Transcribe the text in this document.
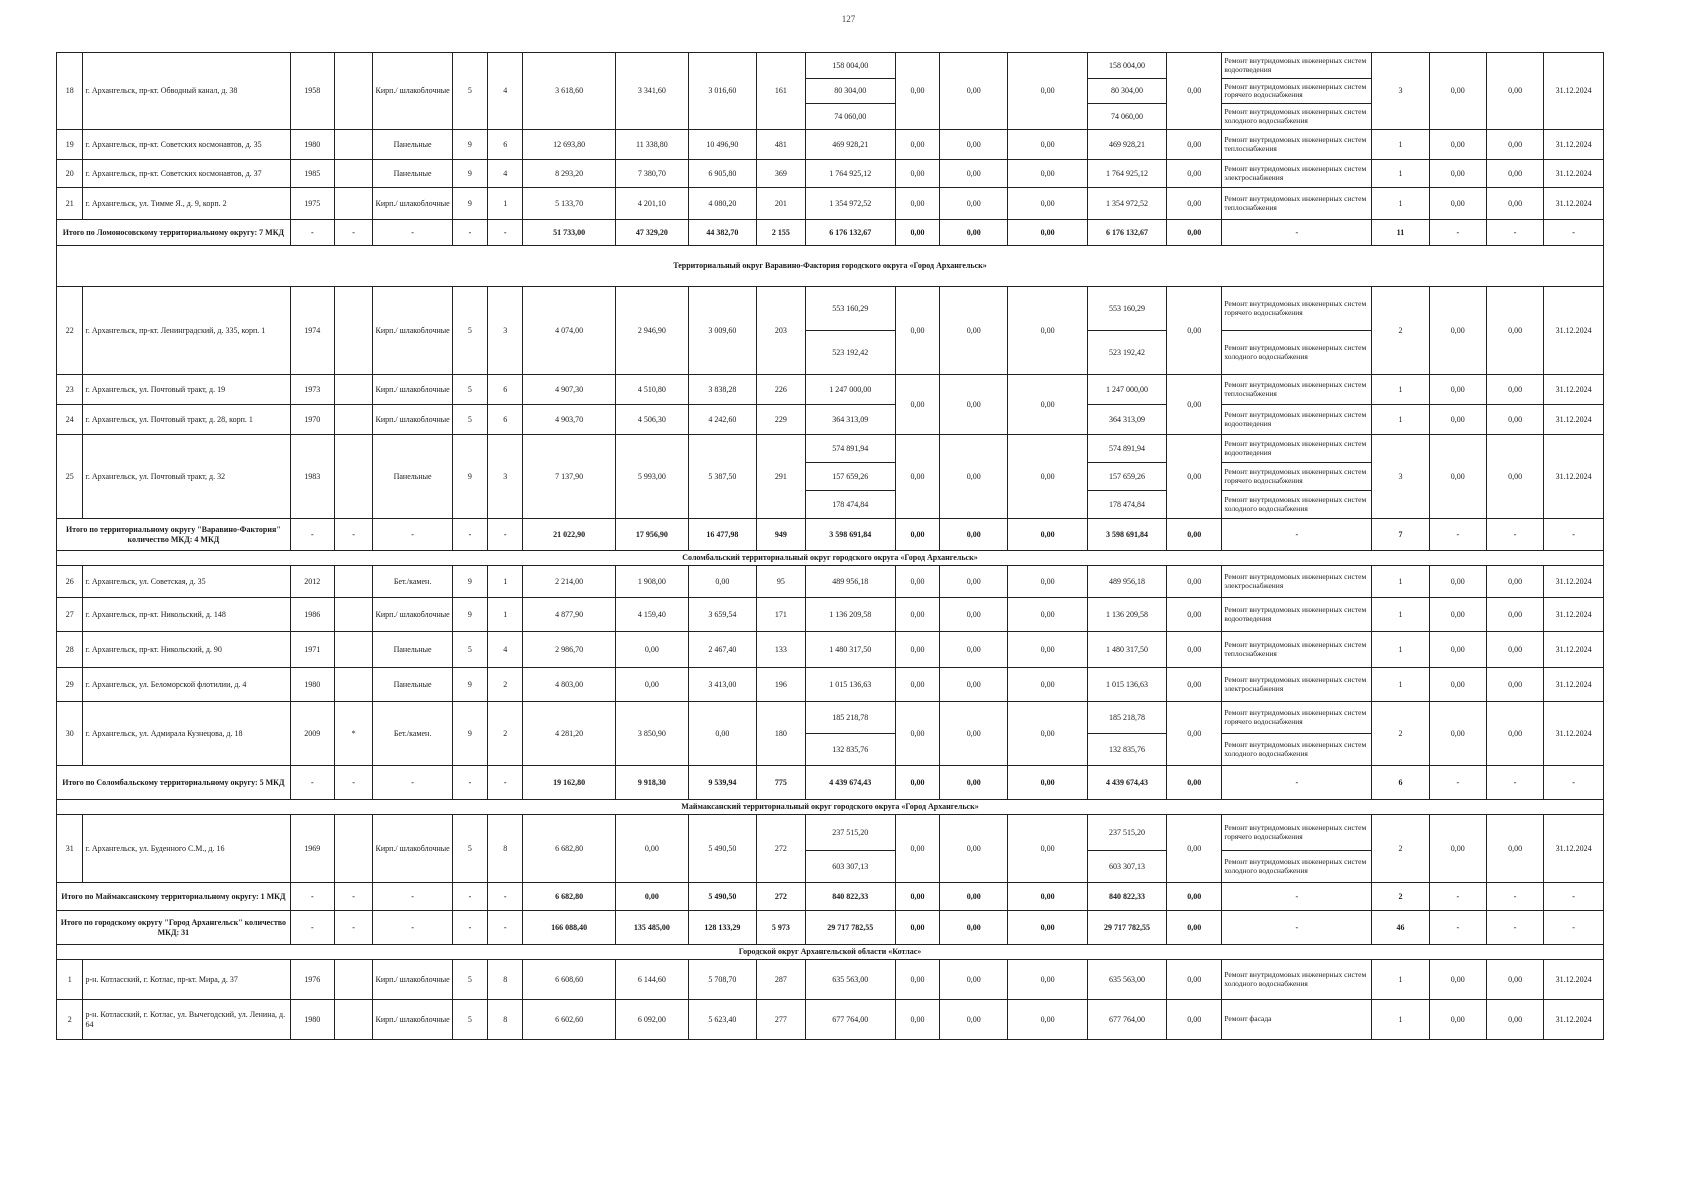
127
18	г. Архангельск, пр-кт. Обводный канал, д. 38	1958		Кирп./ шлакоблочные	5	4	3 618,60	3 341,60	3 016,60	161	158 004,00	0,00	0,00	0,00	158 004,00	0,00	Ремонт внутридомовых инженерных систем водоотведения	3	0,00	0,00	31.12.2024
											80 304,00				80 304,00		Ремонт внутридомовых инженерных систем горячего водоснабжения				
											74 060,00				74 060,00		Ремонт внутридомовых инженерных систем холодного водоснабжения				
19	г. Архангельск, пр-кт. Советских космонавтов, д. 35	1980		Панельные	9	6	12 693,80	11 338,80	10 496,90	481	469 928,21	0,00	0,00	0,00	469 928,21	0,00	Ремонт внутридомовых инженерных систем теплоснабжения	1	0,00	0,00	31.12.2024
20	г. Архангельск, пр-кт. Советских космонавтов, д. 37	1985		Панельные	9	4	8 293,20	7 380,70	6 905,80	369	1 764 925,12	0,00	0,00	0,00	1 764 925,12	0,00	Ремонт внутридомовых инженерных систем электроснабжения	1	0,00	0,00	31.12.2024
21	г. Архангельск, ул. Тимме Я., д. 9, корп. 2	1975		Кирп./ шлакоблочные	9	1	5 133,70	4 201,10	4 080,20	201	1 354 972,52	0,00	0,00	0,00	1 354 972,52	0,00	Ремонт внутридомовых инженерных систем теплоснабжения	1	0,00	0,00	31.12.2024
Итого по Ломоносовскому территориальному округу: 7 МКД		-	-	-	-	-	51 733,00	47 329,20	44 382,70	2 155	6 176 132,67	0,00	0,00	0,00	6 176 132,67	0,00	-	11	-	-	-
Территориальный округ Варавино-Фактория городского округа «Город Архангельск»																					
22	г. Архангельск, пр-кт. Ленинградский, д. 335, корп. 1	1974		Кирп./ шлакоблочные	5	3	4 074,00	2 946,90	3 009,60	203	553 160,29	0,00	0,00	0,00	553 160,29	0,00	Ремонт внутридомовых инженерных систем горячего водоснабжения	2	0,00	0,00	31.12.2024
											523 192,42				523 192,42		Ремонт внутридомовых инженерных систем холодного водоснабжения				
23	г. Архангельск, ул. Почтовый тракт, д. 19	1973		Кирп./ шлакоблочные	5	6	4 907,30	4 510,80	3 838,28	226	1 247 000,00	0,00	0,00	0,00	1 247 000,00	0,00	Ремонт внутридомовых инженерных систем теплоснабжения	1	0,00	0,00	31.12.2024
24	г. Архангельск, ул. Почтовый тракт, д. 28, корп. 1	1970		Кирп./ шлакоблочные	5	6	4 903,70	4 506,30	4 242,60	229	364 313,09				364 313,09		Ремонт внутридомовых инженерных систем водоотведения	1	0,00	0,00	31.12.2024
25	г. Архангельск, ул. Почтовый тракт, д. 32	1983		Панельные	9	3	7 137,90	5 993,00	5 387,50	291	574 891,94	0,00	0,00	0,00	574 891,94	0,00	Ремонт внутридомовых инженерных систем водоотведения	3	0,00	0,00	31.12.2024
											157 659,26				157 659,26		Ремонт внутридомовых инженерных систем горячего водоснабжения				
											178 474,84				178 474,84		Ремонт внутридомовых инженерных систем холодного водоснабжения				
Итого по территориальному округу "Варавино-Фактория" количество МКД: 4 МКД		-	-	-	-	-	21 022,90	17 956,90	16 477,98	949	3 598 691,84	0,00	0,00	0,00	3 598 691,84	0,00	-	7	-	-	-
Соломбальский территориальный округ городского округа «Город Архангельск»																					
26	г. Архангельск, ул. Советская, д. 35	2012		Бет./камен.	9	1	2 214,00	1 908,00	0,00	95	489 956,18	0,00	0,00	0,00	489 956,18	0,00	Ремонт внутридомовых инженерных систем электроснабжения	1	0,00	0,00	31.12.2024
27	г. Архангельск, пр-кт. Никольский, д. 148	1986		Кирп./ шлакоблочные	9	1	4 877,90	4 159,40	3 659,54	171	1 136 209,58	0,00	0,00	0,00	1 136 209,58	0,00	Ремонт внутридомовых инженерных систем водоотведения	1	0,00	0,00	31.12.2024
28	г. Архангельск, пр-кт. Никольский, д. 90	1971		Панельные	5	4	2 986,70	0,00	2 467,40	133	1 480 317,50	0,00	0,00	0,00	1 480 317,50	0,00	Ремонт внутридомовых инженерных систем теплоснабжения	1	0,00	0,00	31.12.2024
29	г. Архангельск, ул. Беломорской флотилии, д. 4	1980		Панельные	9	2	4 803,00	0,00	3 413,00	196	1 015 136,63	0,00	0,00	0,00	1 015 136,63	0,00	Ремонт внутридомовых инженерных систем электроснабжения	1	0,00	0,00	31.12.2024
30	г. Архангельск, ул. Адмирала Кузнецова, д. 18	2009	*	Бет./камен.	9	2	4 281,20	3 850,90	0,00	180	185 218,78	0,00	0,00	0,00	185 218,78	0,00	Ремонт внутридомовых инженерных систем горячего водоснабжения	2	0,00	0,00	31.12.2024
											132 835,76				132 835,76		Ремонт внутридомовых инженерных систем холодного водоснабжения				
Итого по Соломбальскому территориальному округу: 5 МКД		-	-	-	-	-	19 162,80	9 918,30	9 539,94	775	4 439 674,43	0,00	0,00	0,00	4 439 674,43	0,00	-	6	-	-	-
Маймаксанский территориальный округ городского округа «Город Архангельск»																					
31	г. Архангельск, ул. Буденного С.М., д. 16	1969		Кирп./ шлакоблочные	5	8	6 682,80	0,00	5 490,50	272	237 515,20	0,00	0,00	0,00	237 515,20	0,00	Ремонт внутридомовых инженерных систем горячего водоснабжения	2	0,00	0,00	31.12.2024
											603 307,13				603 307,13		Ремонт внутридомовых инженерных систем холодного водоснабжения				
Итого по Маймаксанскому территориальному округу: 1 МКД		-	-	-	-	-	6 682,80	0,00	5 490,50	272	840 822,33	0,00	0,00	0,00	840 822,33	0,00	-	2	-	-	-
Итого по городскому округу "Город Архангельск" количество МКД: 31		-	-	-	-	-	166 088,40	135 485,00	128 133,29	5 973	29 717 782,55	0,00	0,00	0,00	29 717 782,55	0,00	-	46	-	-	-
Городской округ Архангельской области «Котлас»																					
1	р-н. Котласский, г. Котлас, пр-кт. Мира, д. 37	1976		Кирп./ шлакоблочные	5	8	6 608,60	6 144,60	5 708,70	287	635 563,00	0,00	0,00	0,00	635 563,00	0,00	Ремонт внутридомовых инженерных систем холодного водоснабжения	1	0,00	0,00	31.12.2024
2	р-н. Котласский, г. Котлас, ул. Вычегодский, ул. Ленина, д. 64	1980		Кирп./ шлакоблочные	5	8	6 602,60	6 092,00	5 623,40	277	677 764,00	0,00	0,00	0,00	677 764,00	0,00	Ремонт фасада	1	0,00	0,00	31.12.2024
